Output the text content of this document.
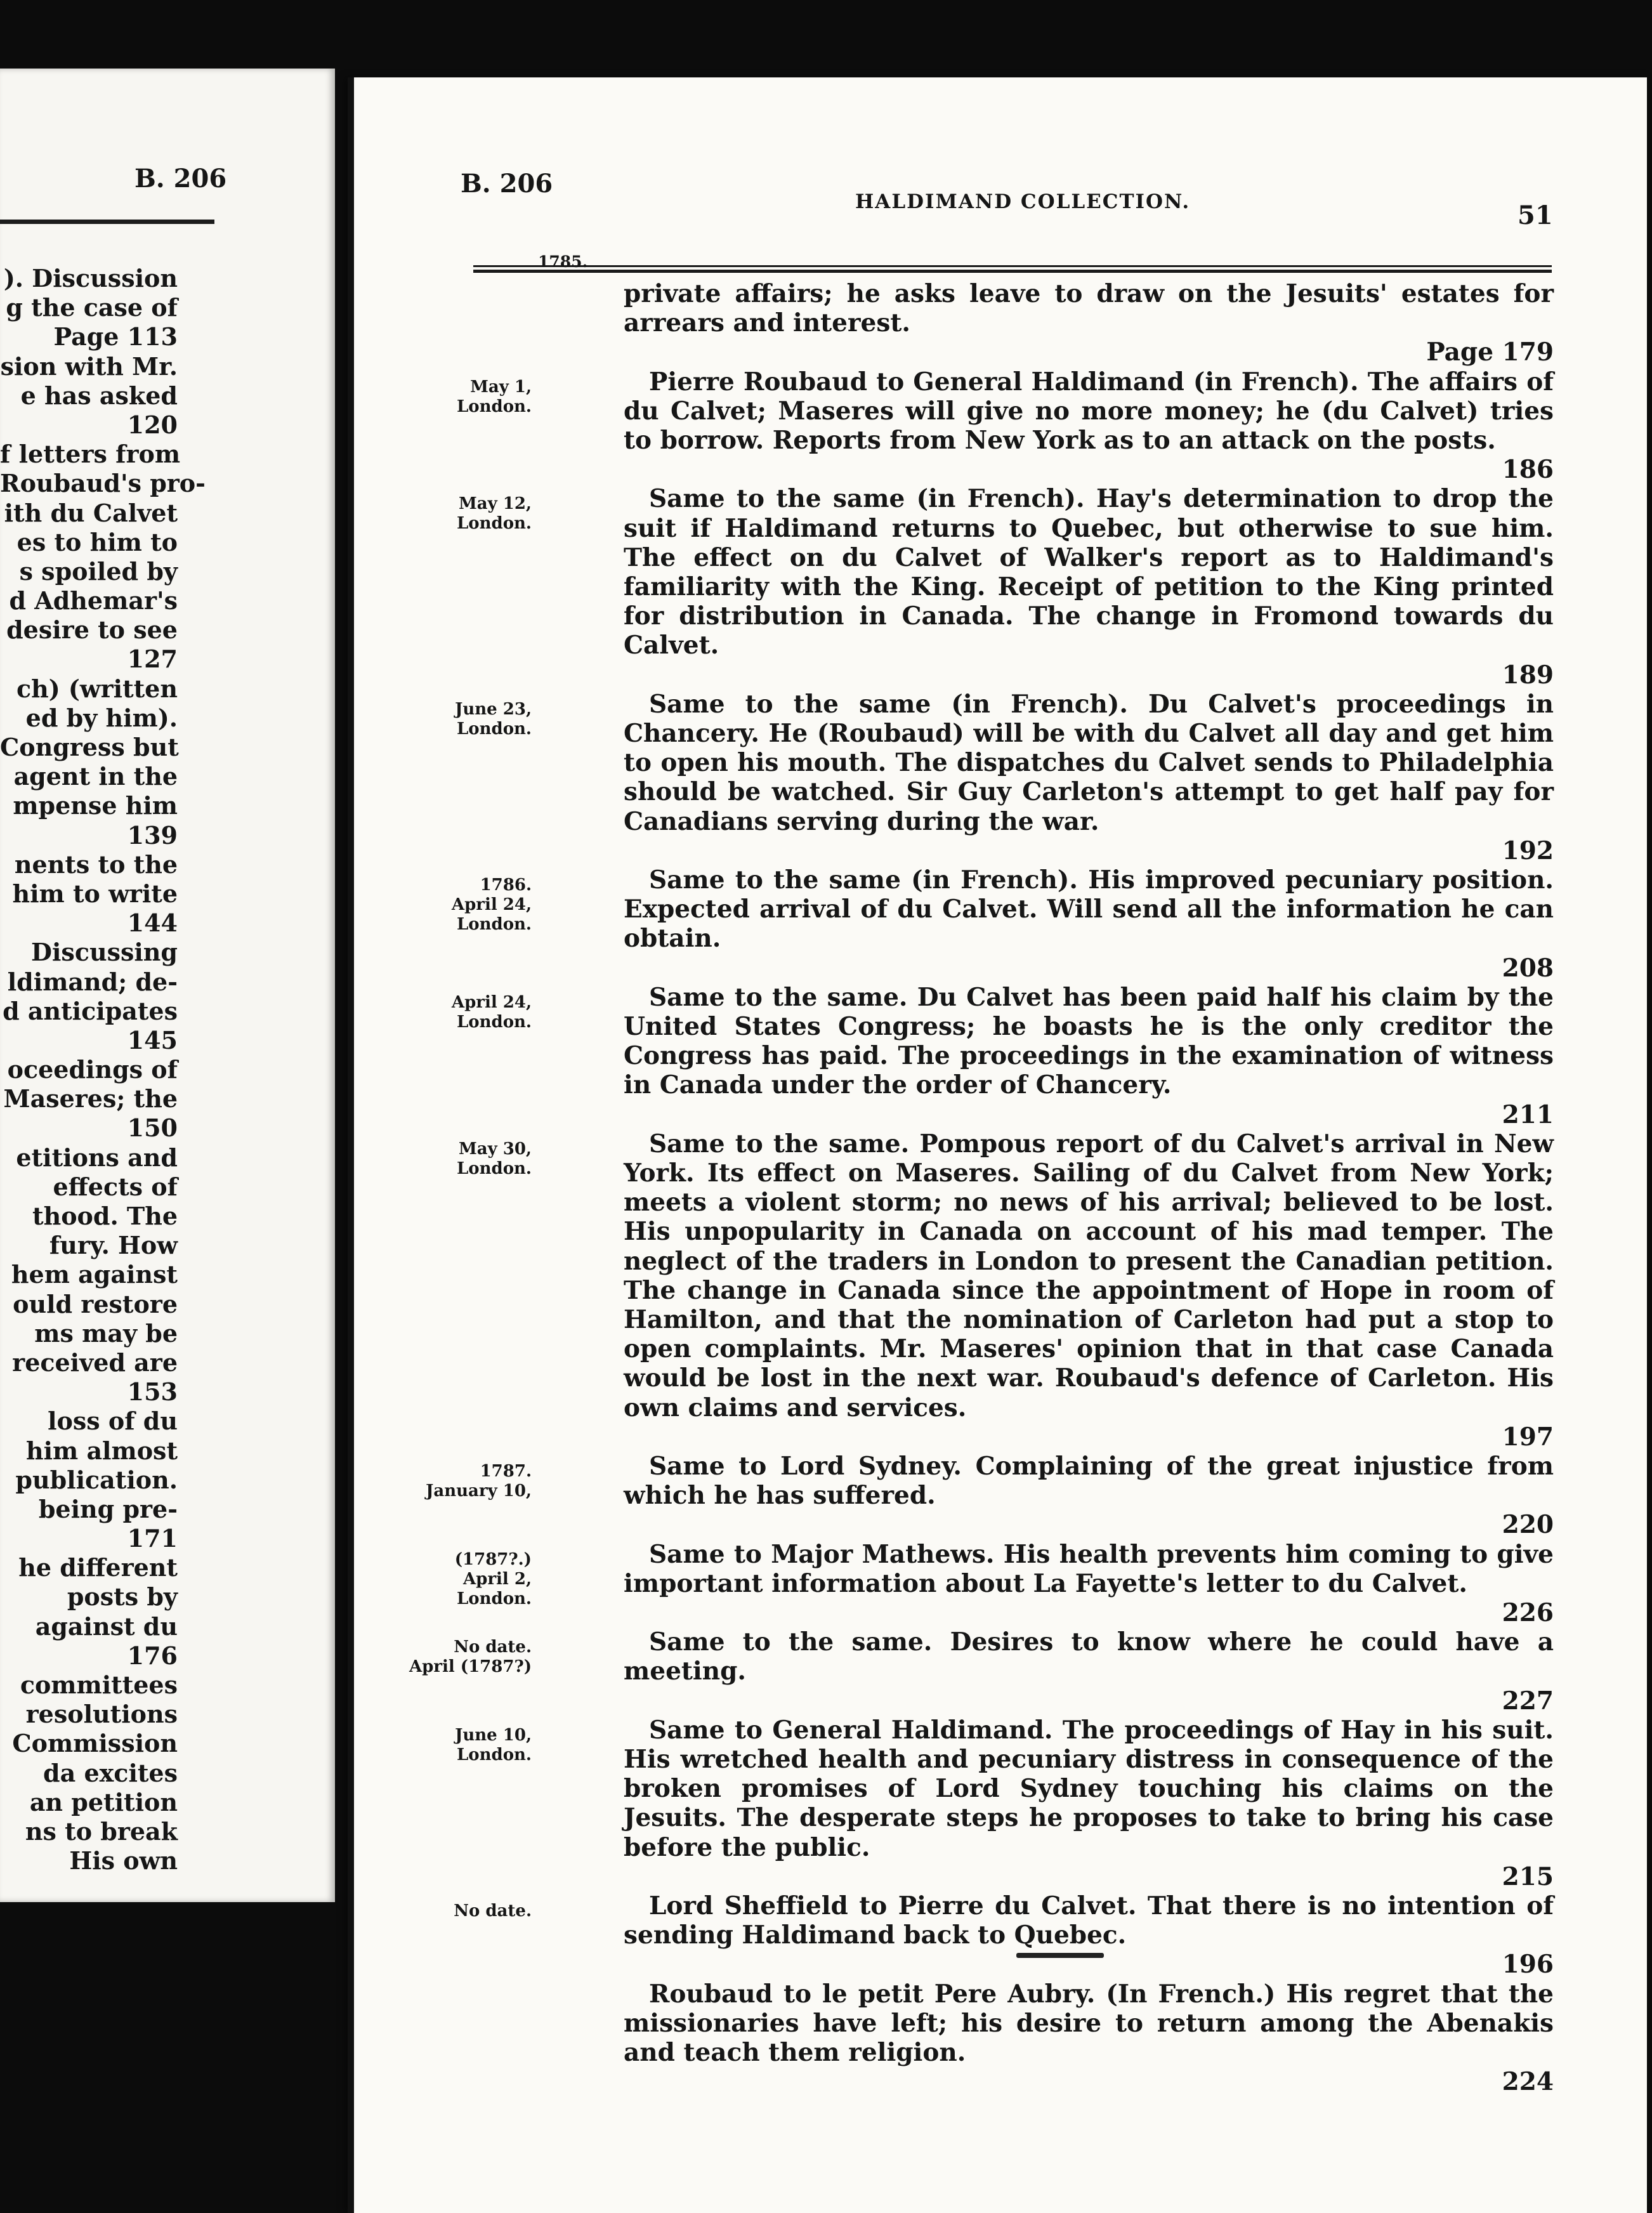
B. 206
). Discussion
g the case of
Page 113
sion with Mr.
e has asked
120
f letters from
Roubaud's pro-
ith du Calvet
es to him to
s spoiled by
d Adhemar's
desire to see
127
ch) (written
ed by him).
Congress but
agent in the
mpense him
139
nents to the
him to write
144
Discussing
ldimand; de-
d anticipates
145
oceedings of
Maseres; the
150
etitions and
effects of
thood. The
fury. How
hem against
ould restore
ms may be
received are
153
loss of du
him almost
publication.
being pre-
171
he different
posts by
against du
176
committees
resolutions
Commission
da excites
an petition
ns to break
His own
B. 206
HALDIMAND COLLECTION.	51
1785.

private affairs; he asks leave to draw on the Jesuits' estates for arrears and interest.

Page 179

May 1,
London.

Pierre Roubaud to General Haldimand (in French). The affairs of du Calvet; Maseres will give no more money; he (du Calvet) tries to borrow. Reports from New York as to an attack on the posts.

186

May 12,
London.

Same to the same (in French). Hay's determination to drop the suit if Haldimand returns to Quebec, but otherwise to sue him. The effect on du Calvet of Walker's report as to Haldimand's familiarity with the King. Receipt of petition to the King printed for distribution in Canada. The change in Fromond towards du Calvet.

189

June 23,
London.

Same to the same (in French). Du Calvet's proceedings in Chancery. He (Roubaud) will be with du Calvet all day and get him to open his mouth. The dispatches du Calvet sends to Philadelphia should be watched. Sir Guy Carleton's attempt to get half pay for Canadians serving during the war.

192

1786.
April 24,
London.

Same to the same (in French). His improved pecuniary position. Expected arrival of du Calvet. Will send all the information he can obtain.

208

April 24,
London.

Same to the same. Du Calvet has been paid half his claim by the United States Congress; he boasts he is the only creditor the Congress has paid. The proceedings in the examination of witness in Canada under the order of Chancery.

211

May 30,
London.

Same to the same. Pompous report of du Calvet's arrival in New York. Its effect on Maseres. Sailing of du Calvet from New York; meets a violent storm; no news of his arrival; believed to be lost. His unpopularity in Canada on account of his mad temper. The neglect of the traders in London to present the Canadian petition. The change in Canada since the appointment of Hope in room of Hamilton, and that the nomination of Carleton had put a stop to open complaints. Mr. Maseres' opinion that in that case Canada would be lost in the next war. Roubaud's defence of Carleton. His own claims and services.

197

1787.
January 10,

Same to Lord Sydney. Complaining of the great injustice from which he has suffered.

220

(1787?.)
April 2,
London.

Same to Major Mathews. His health prevents him coming to give important information about La Fayette's letter to du Calvet.

226

No date.
April (1787?)

Same to the same. Desires to know where he could have a meeting.

227

June 10,
London.

Same to General Haldimand. The proceedings of Hay in his suit. His wretched health and pecuniary distress in consequence of the broken promises of Lord Sydney touching his claims on the Jesuits. The desperate steps he proposes to take to bring his case before the public.

215

No date.	Lord Sheffield to Pierre du Calvet. That there is no intention of sending Haldimand back to Quebec.

196

Roubaud to le petit Pere Aubry. (In French.) His regret that the missionaries have left; his desire to return among the Abenakis and teach them religion.

224
